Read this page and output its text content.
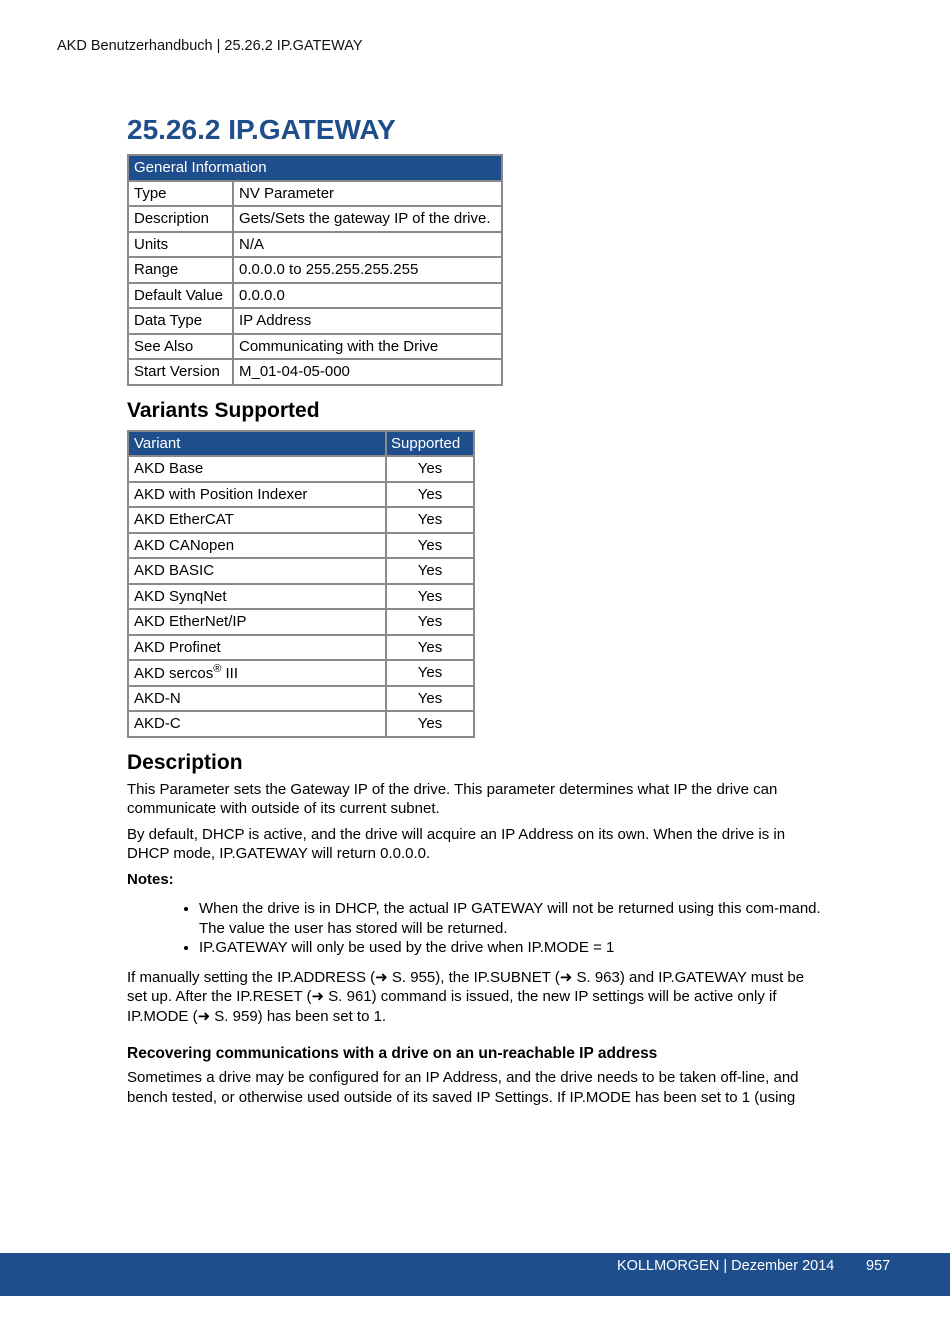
AKD Benutzerhandbuch | 25.26.2 IP.GATEWAY
25.26.2 IP.GATEWAY
General Information	
Type	NV Parameter
Description	Gets/Sets the gateway IP of the drive.
Units	N/A
Range	0.0.0.0 to 255.255.255.255
Default Value	0.0.0.0
Data Type	IP Address
See Also	Communicating with the Drive
Start Version	M_01-04-05-000
Variants Supported
Variant	Supported
AKD Base	Yes
AKD with Position Indexer	Yes
AKD EtherCAT	Yes
AKD CANopen	Yes
AKD BASIC	Yes
AKD SynqNet	Yes
AKD EtherNet/IP	Yes
AKD Profinet	Yes
AKD sercos® III	Yes
AKD-N	Yes
AKD-C	Yes
Description

This Parameter sets the Gateway IP of the drive. This parameter determines what IP the drive can communicate with outside of its current subnet.

By default, DHCP is active, and the drive will acquire an IP Address on its own. When the drive is in DHCP mode, IP.GATEWAY will return 0.0.0.0.

Notes:

• When the drive is in DHCP, the actual IP GATEWAY will not be returned using this com-mand. The value the user has stored will be returned.
• IP.GATEWAY will only be used by the drive when IP.MODE = 1

If manually setting the IP.ADDRESS (➜ S. 955), the IP.SUBNET (➜ S. 963) and IP.GATEWAY must be set up. After the IP.RESET (➜ S. 961) command is issued, the new IP settings will be active only if IP.MODE (➜ S. 959) has been set to 1.

Recovering communications with a drive on an un-reachable IP address

Sometimes a drive may be configured for an IP Address, and the drive needs to be taken off-line, and bench tested, or otherwise used outside of its saved IP Settings. If IP.MODE has been set to 1 (using

KOLLMORGEN | Dezember 2014 957
